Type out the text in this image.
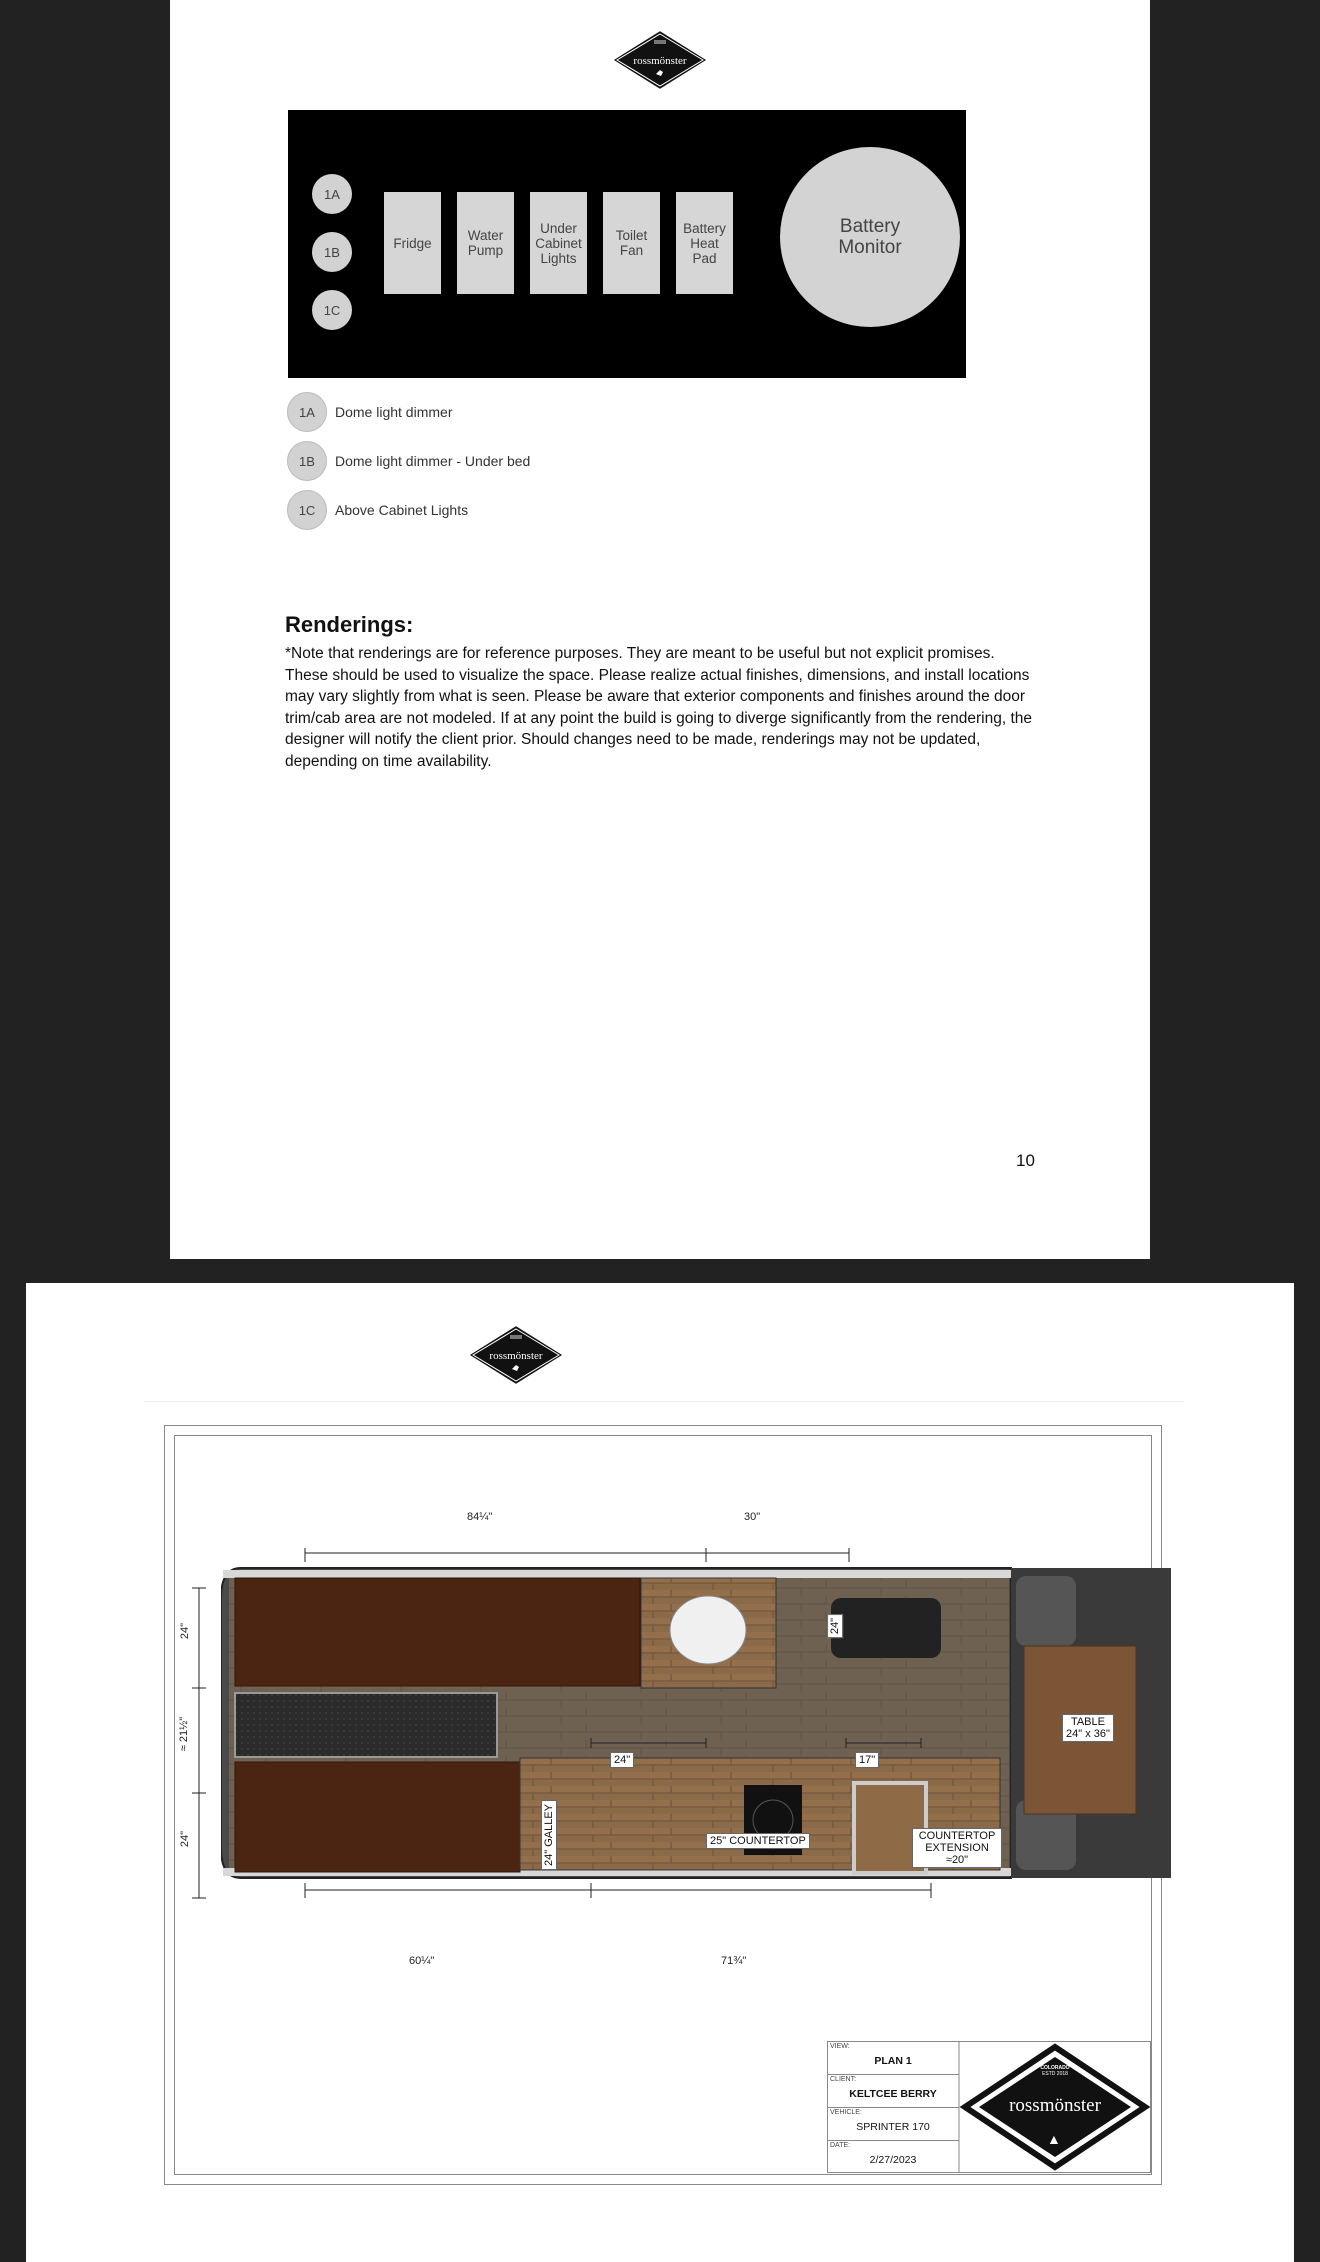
rossmönster
1A
1B
1C
Fridge	Water Pump
Under Cabinet Lights
Toilet Fan
Battery Heat Pad
Battery Monitor
1A	Dome light dimmer
1B	Dome light dimmer - Under bed
1C	Above Cabinet Lights
Renderings:
*Note that renderings are for reference purposes. They are meant to be useful but not explicit promises. These should be used to visualize the space. Please realize actual finishes, dimensions, and install locations may vary slightly from what is seen. Please be aware that exterior components and finishes around the door trim/cab area are not modeled. If at any point the build is going to diverge significantly from the rendering, the designer will notify the client prior. Should changes need to be made, renderings may not be updated, depending on time availability.
10
rossmönster
84¼"	30"
24"
≈ 21½"
24"
60¼"	71¾"
24"	17"
24"
24" GALLEY	25" COUNTERTOP	COUNTERTOP EXTENSION ≈20"
TABLE
24" x 36"
VIEW:
PLAN 1
CLIENT:
KELTCEE BERRY
VEHICLE:
SPRINTER 170
DATE:
2/27/2023
COLORADO
ESTD 2018
rossmönster
▲
